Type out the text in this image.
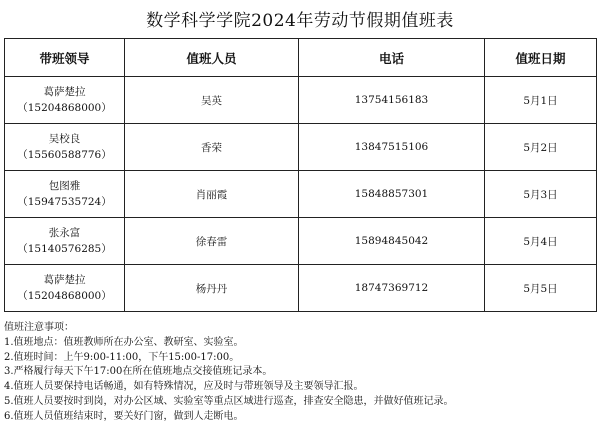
数学科学学院2024年劳动节假期值班表
带班领导	值班人员	电话	值班日期

葛萨楚拉
（15204868000）	吴英	13754156183	5月1日

吴校良
（15560588776）	香荣	13847515106	5月2日

包图雅
（15947535724）	肖丽霞	15848857301	5月3日

张永富
（15140576285）	徐春雷	15894845042	5月4日

葛萨楚拉
（15204868000）	杨丹丹	18747369712	5月5日
值班注意事项：
1.值班地点：值班教师所在办公室、教研室、实验室。
2.值班时间：上午9:00-11:00，下午15:00-17:00。
3.严格履行每天下午17:00在所在值班地点交接值班记录本。
4.值班人员要保持电话畅通，如有特殊情况，应及时与带班领导及主要领导汇报。
5.值班人员要按时到岗，对办公区域、实验室等重点区域进行巡查，排查安全隐患，并做好值班记录。
6.值班人员值班结束时，要关好门窗，做到人走断电。
